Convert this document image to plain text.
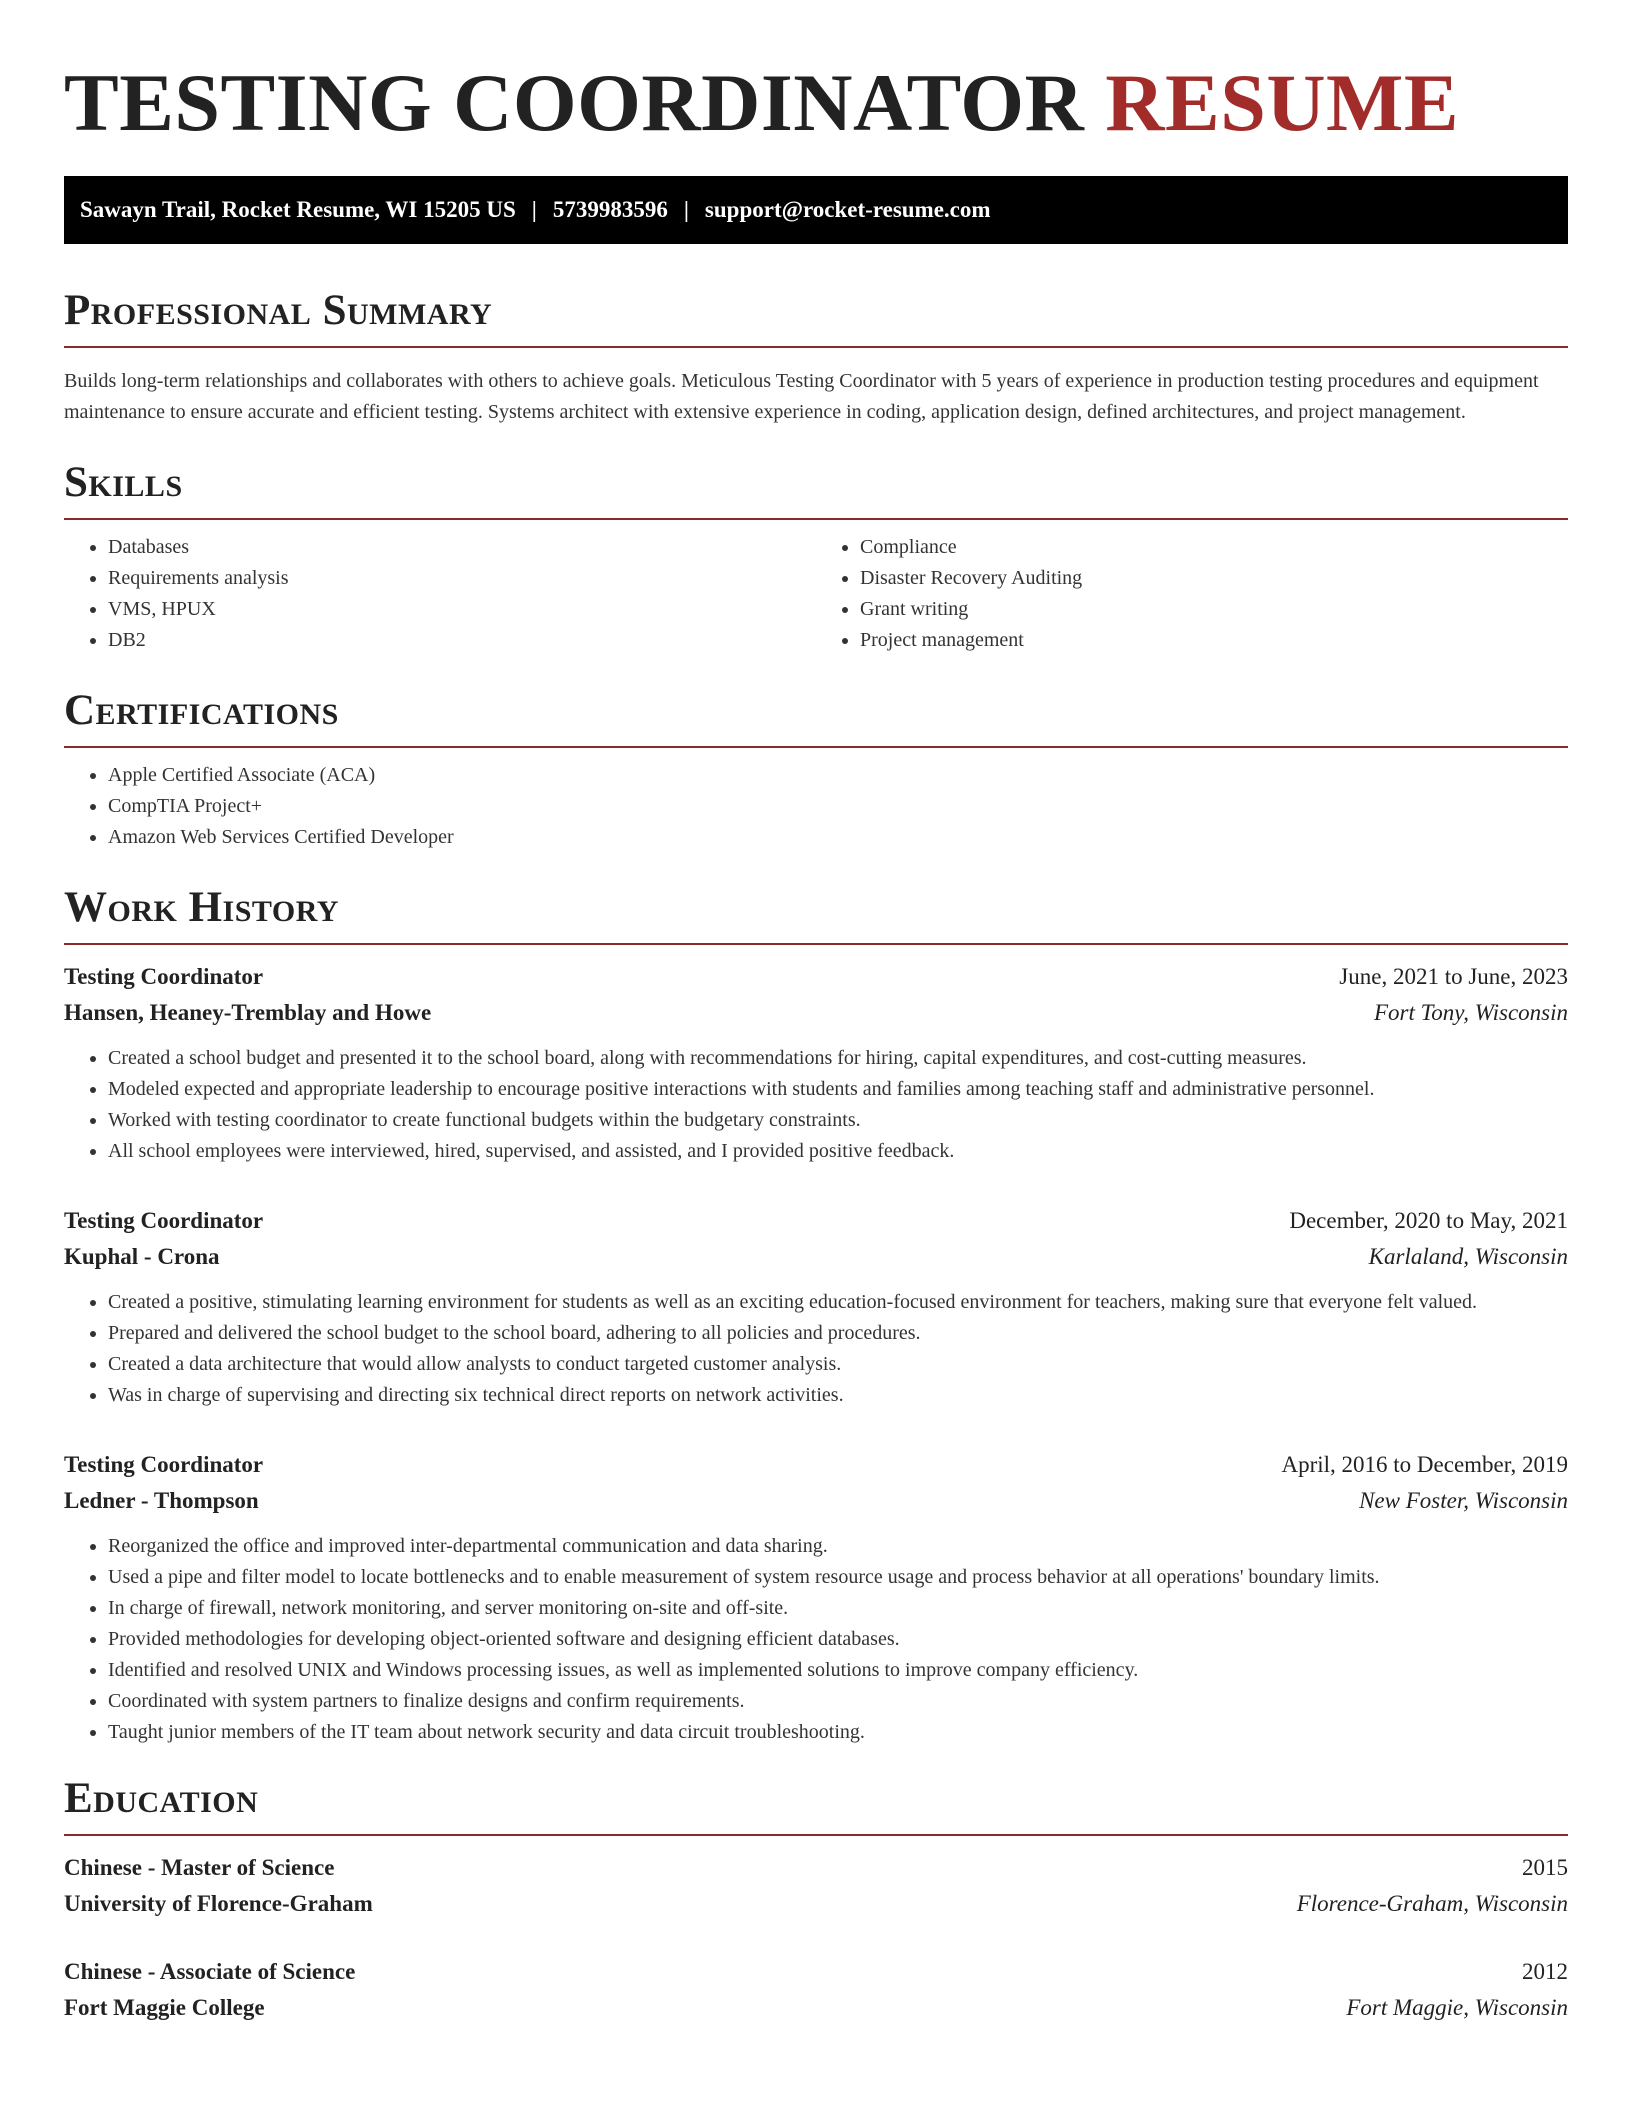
TESTING COORDINATOR RESUME
Sawayn Trail, Rocket Resume, WI 15205 US | 5739983596 | support@rocket-resume.com
Professional Summary

Builds long-term relationships and collaborates with others to achieve goals. Meticulous Testing Coordinator with 5 years of experience in production testing procedures and equipment maintenance to ensure accurate and efficient testing. Systems architect with extensive experience in coding, application design, defined architectures, and project management.

Skills
• Databases
• Requirements analysis
• VMS, HPUX
• DB2
• Compliance
• Disaster Recovery Auditing
• Grant writing
• Project management
Certifications
• Apple Certified Associate (ACA)
• CompTIA Project+
• Amazon Web Services Certified Developer
Work History
Testing Coordinator	June, 2021 to June, 2023
Hansen, Heaney-Tremblay and Howe	Fort Tony, Wisconsin
• Created a school budget and presented it to the school board, along with recommendations for hiring, capital expenditures, and cost-cutting measures.
• Modeled expected and appropriate leadership to encourage positive interactions with students and families among teaching staff and administrative personnel.
• Worked with testing coordinator to create functional budgets within the budgetary constraints.
• All school employees were interviewed, hired, supervised, and assisted, and I provided positive feedback.
Testing Coordinator	December, 2020 to May, 2021
Kuphal - Crona	Karlaland, Wisconsin
• Created a positive, stimulating learning environment for students as well as an exciting education-focused environment for teachers, making sure that everyone felt valued.
• Prepared and delivered the school budget to the school board, adhering to all policies and procedures.
• Created a data architecture that would allow analysts to conduct targeted customer analysis.
• Was in charge of supervising and directing six technical direct reports on network activities.
Testing Coordinator	April, 2016 to December, 2019
Ledner - Thompson	New Foster, Wisconsin
• Reorganized the office and improved inter-departmental communication and data sharing.
• Used a pipe and filter model to locate bottlenecks and to enable measurement of system resource usage and process behavior at all operations' boundary limits.
• In charge of firewall, network monitoring, and server monitoring on-site and off-site.
• Provided methodologies for developing object-oriented software and designing efficient databases.
• Identified and resolved UNIX and Windows processing issues, as well as implemented solutions to improve company efficiency.
• Coordinated with system partners to finalize designs and confirm requirements.
• Taught junior members of the IT team about network security and data circuit troubleshooting.
Education
Chinese - Master of Science	2015
University of Florence-Graham	Florence-Graham, Wisconsin
Chinese - Associate of Science	2012
Fort Maggie College	Fort Maggie, Wisconsin
